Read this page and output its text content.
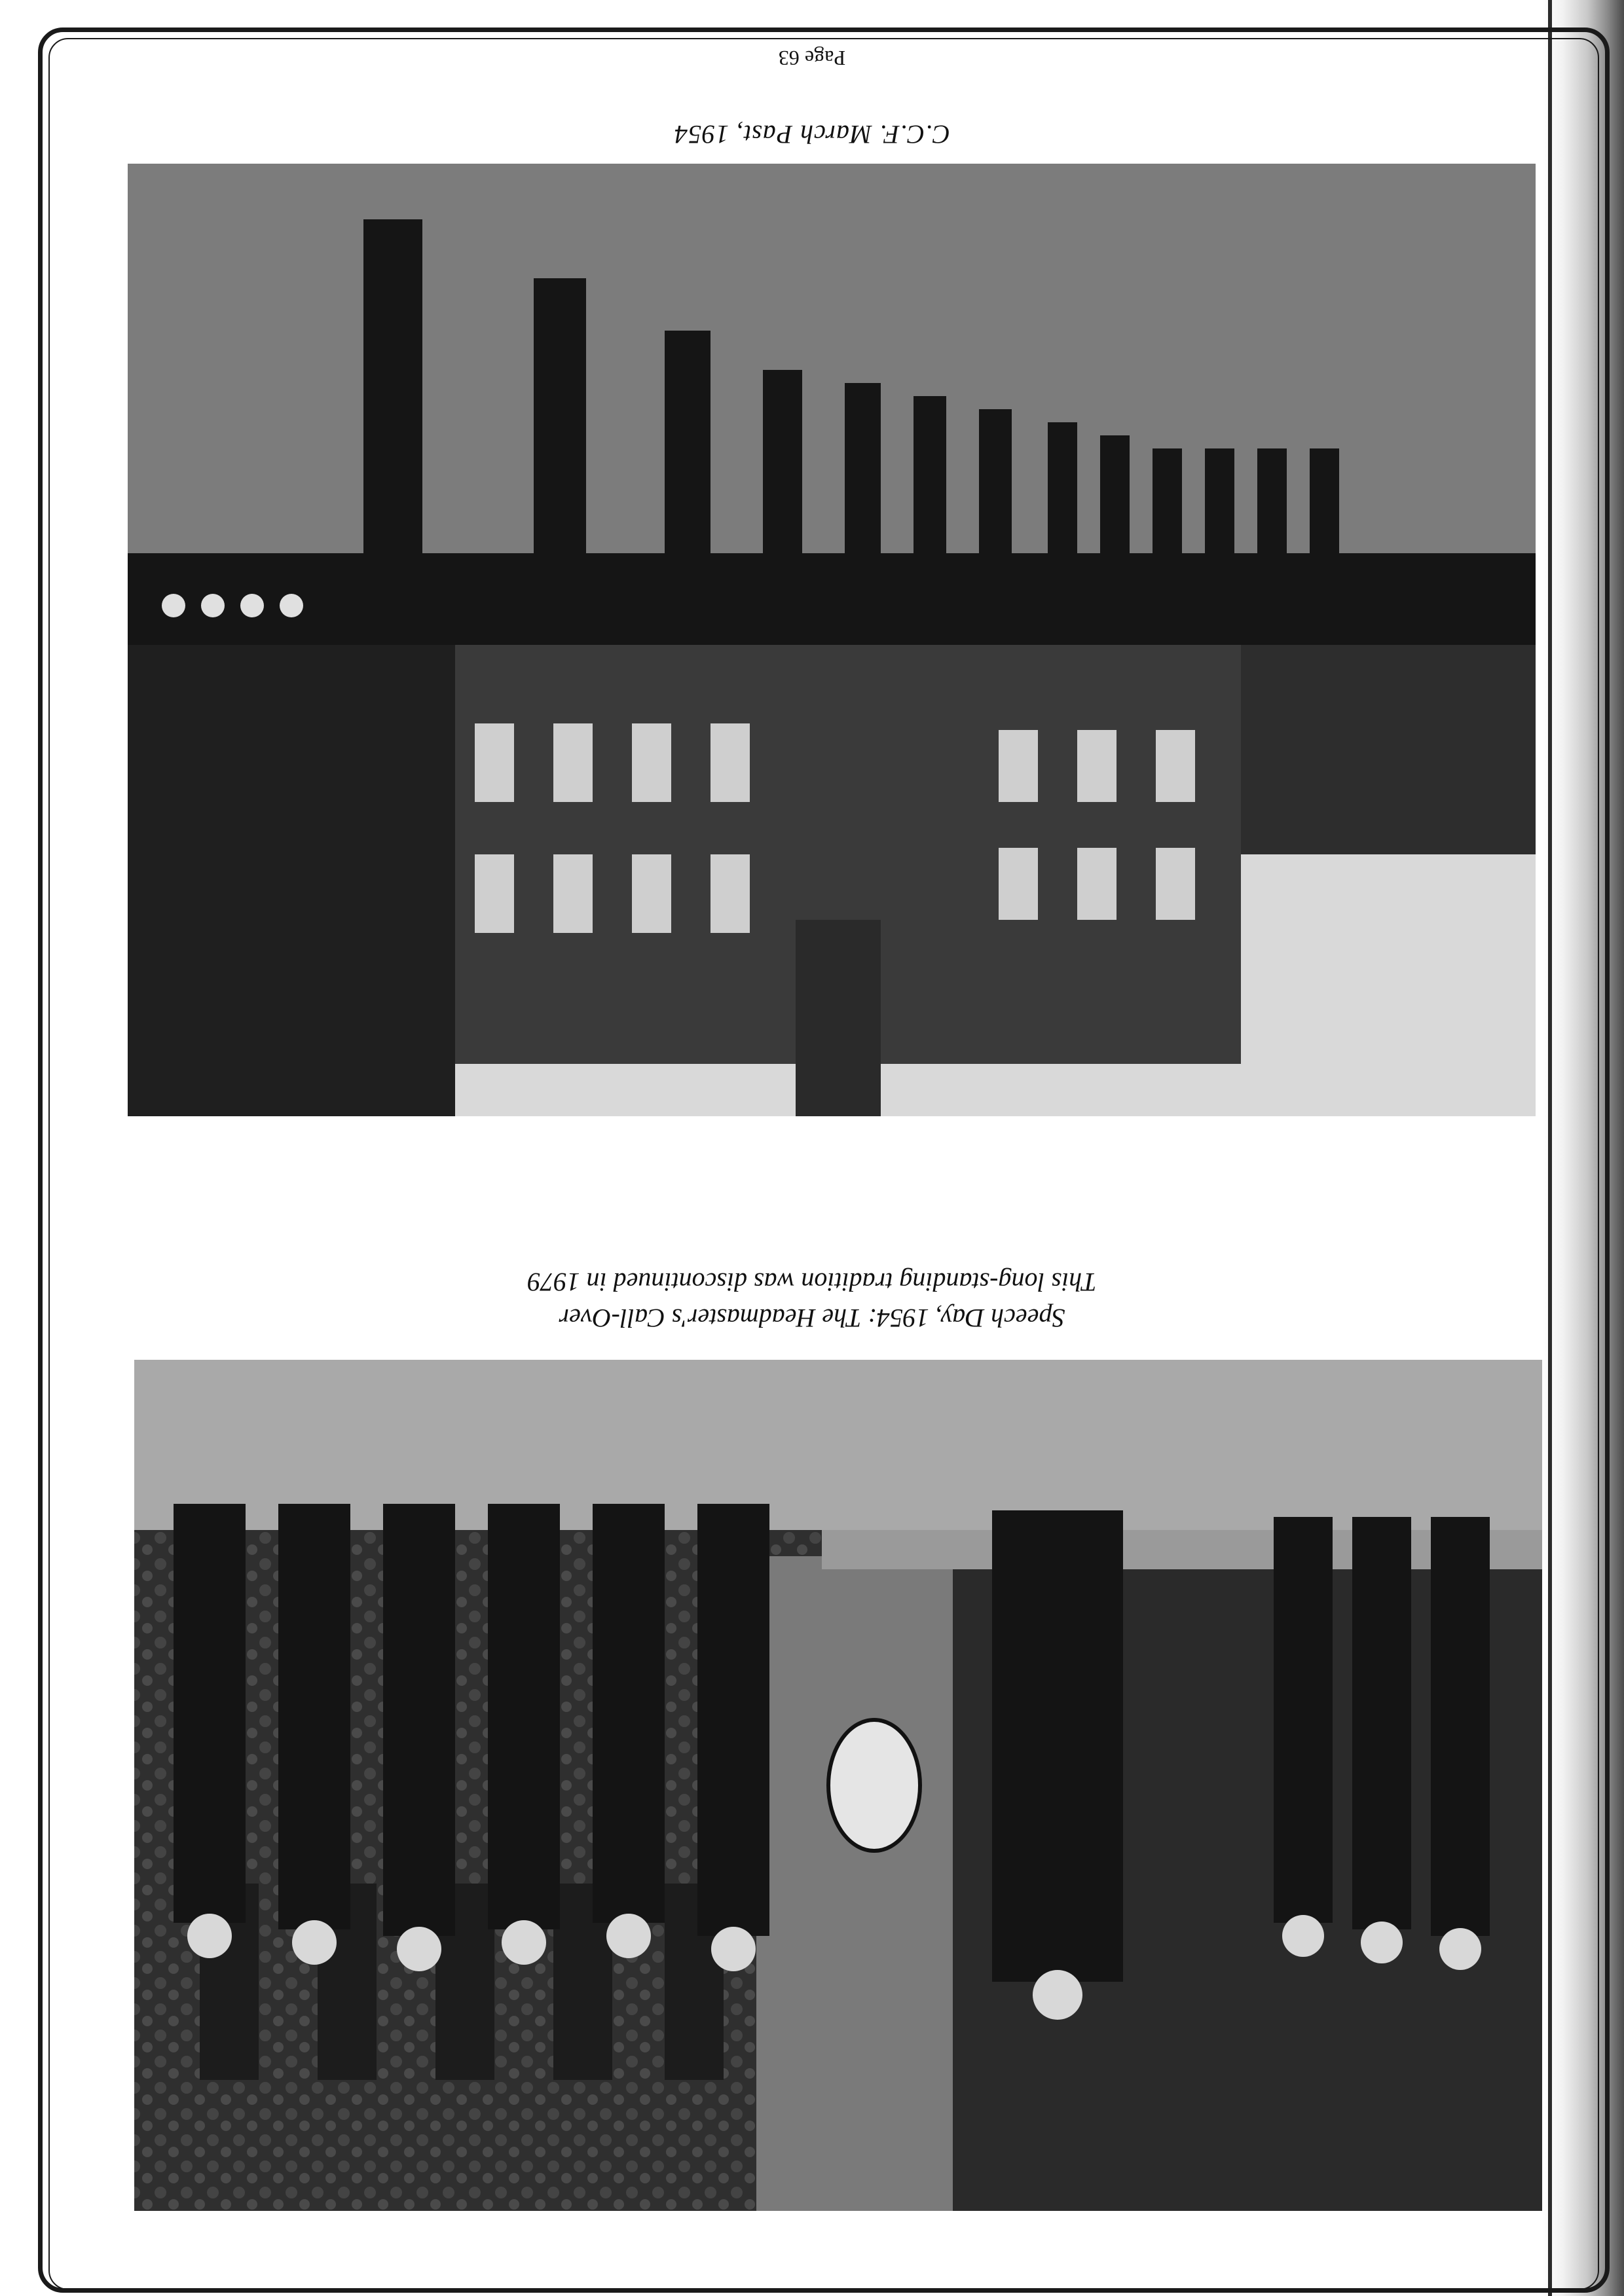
Speech Day, 1954: The Headmaster's Call-Over
This long-standing tradition was discontinued in 1979
C.C.F. March Past, 1954
Page 63
